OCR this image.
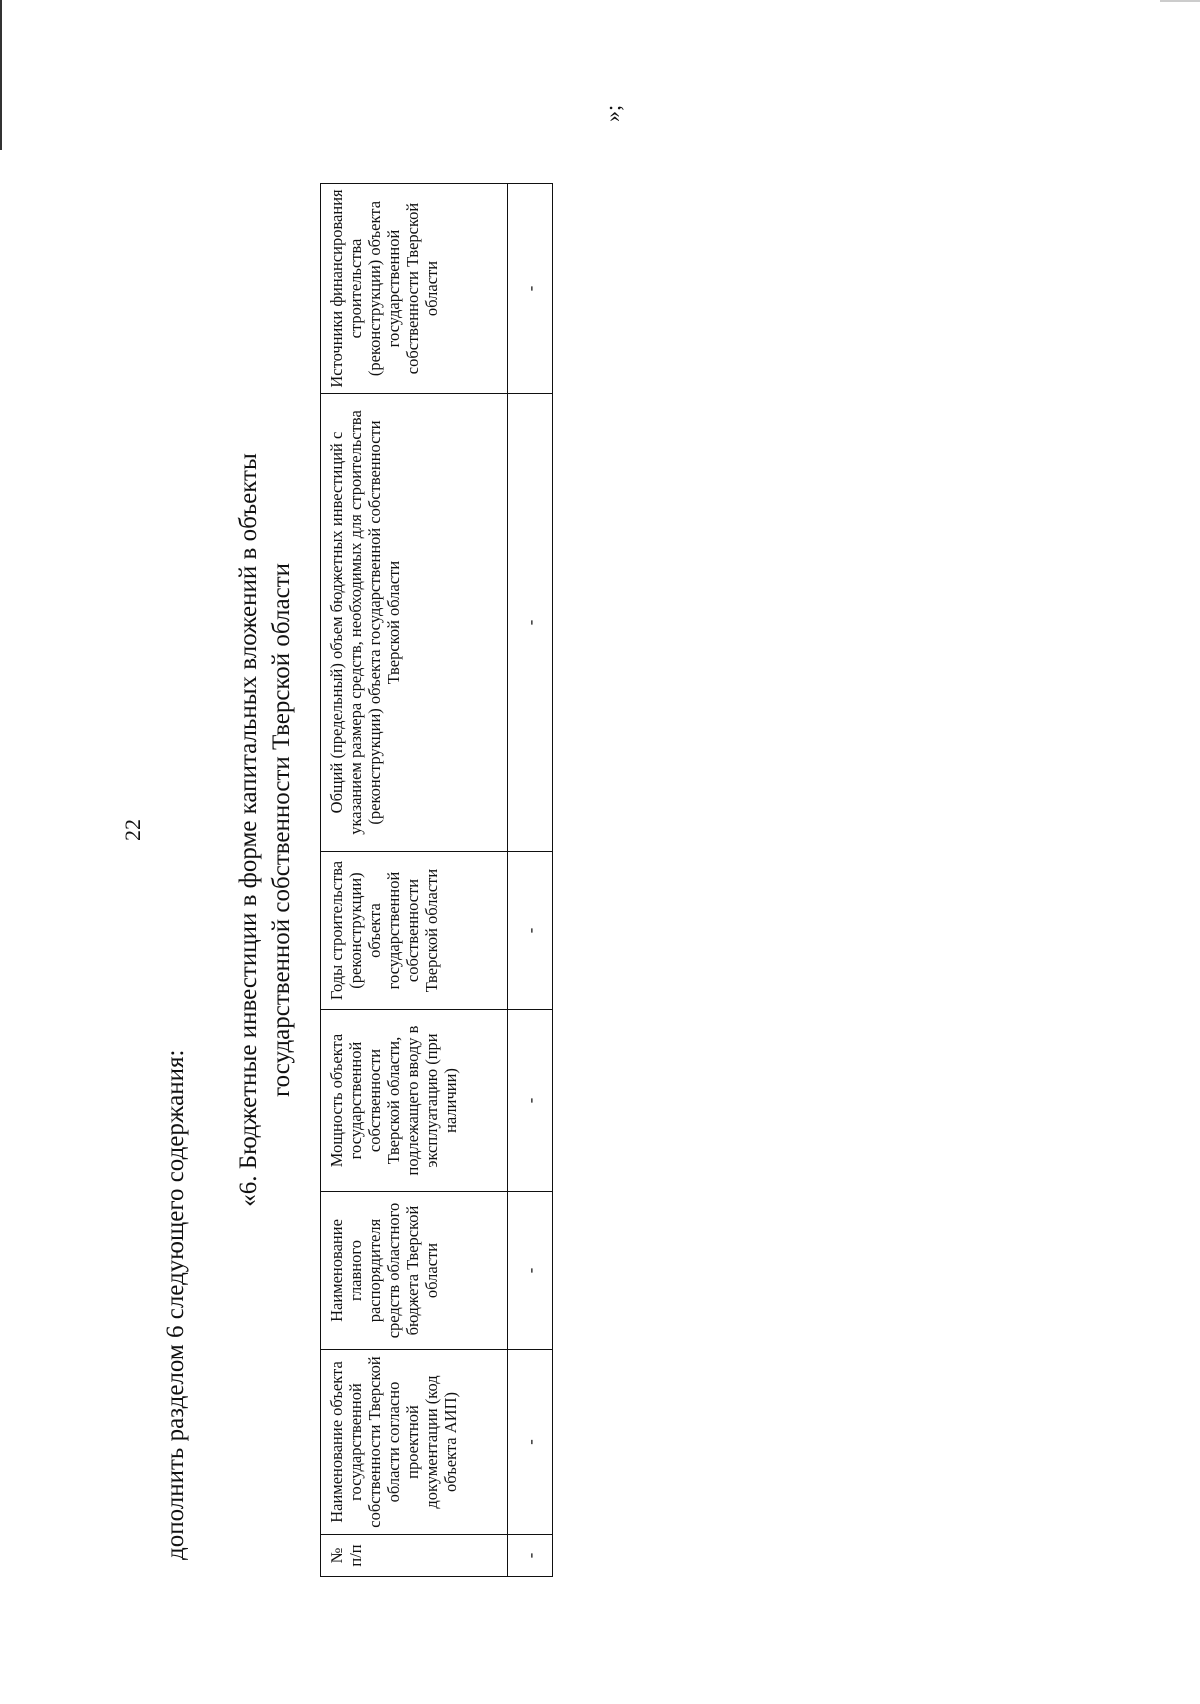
22
дополнить разделом 6 следующего содержания:
«6. Бюджетные инвестиции в форме капитальных вложений в объекты государственной собственности Тверской области
№ п/п	Наименование объекта государственной собственности Тверской области согласно проектной документации (код объекта АИП)	Наименование главного распорядителя средств областного бюджета Тверской области	Мощность объекта государственной собственности Тверской области, подлежащего вводу в эксплуатацию (при наличии)	Годы строительства (реконструкции) объекта государственной собственности Тверской области	Общий (предельный) объем бюджетных инвестиций с указанием размера средств, необходимых для строительства (реконструкции) объекта государственной собственности Тверской области	Источники финансирования строительства (реконструкции) объекта государственной собственности Тверской области
-	-	-	-	-	-	-
»;
